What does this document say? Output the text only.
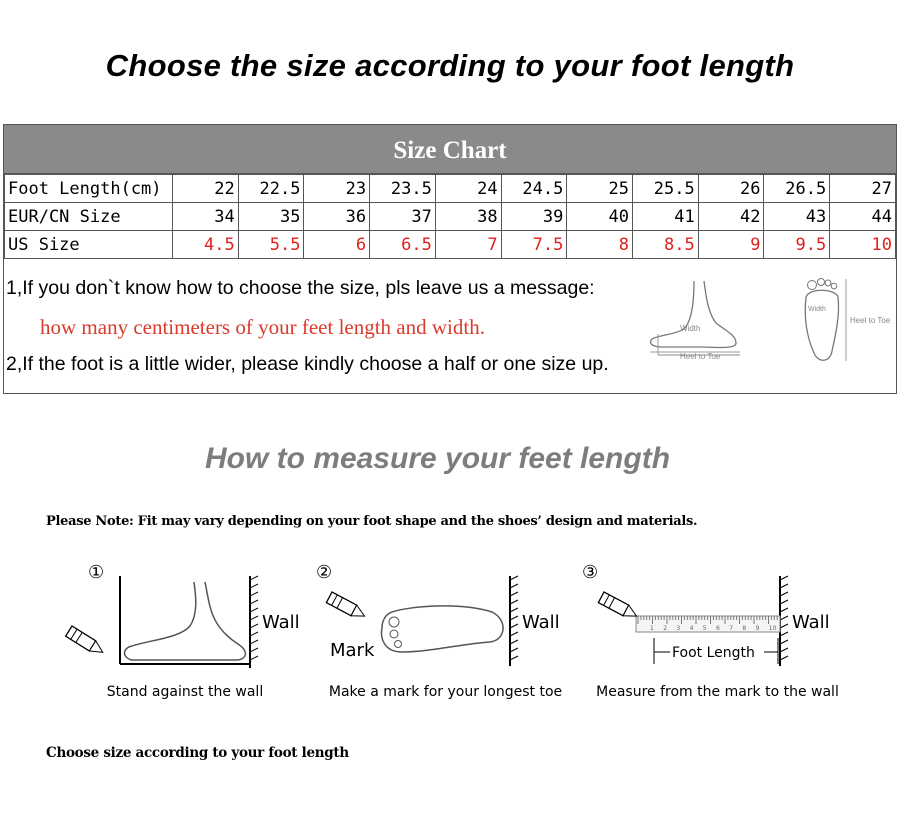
Choose the size according to your foot length
Size Chart
Foot Length(cm)	22	22.5	23	23.5	24	24.5	25	25.5	26	26.5	27
EUR/CN Size	34	35	36	37	38	39	40	41	42	43	44
US Size	4.5	5.5	6	6.5	7	7.5	8	8.5	9	9.5	10
1,If you don`t know how to choose the size, pls leave us a message:
how many centimeters of your feet length and width.
2,If the foot is a little wider, please kindly choose a half or one size up.
Width
Heel to Toe
Width
Heel to Toe
How to measure your feet length
Please Note: Fit may vary depending on your foot shape and the shoes’ design and materials.
①
Wall
Stand against the wall
②
Mark
Wall
Make a mark for your longest toe
③
1 2 3 4 5 6 7 8 9 10
Foot Length
Wall
Measure from the mark to the wall
Choose size according to your foot length
